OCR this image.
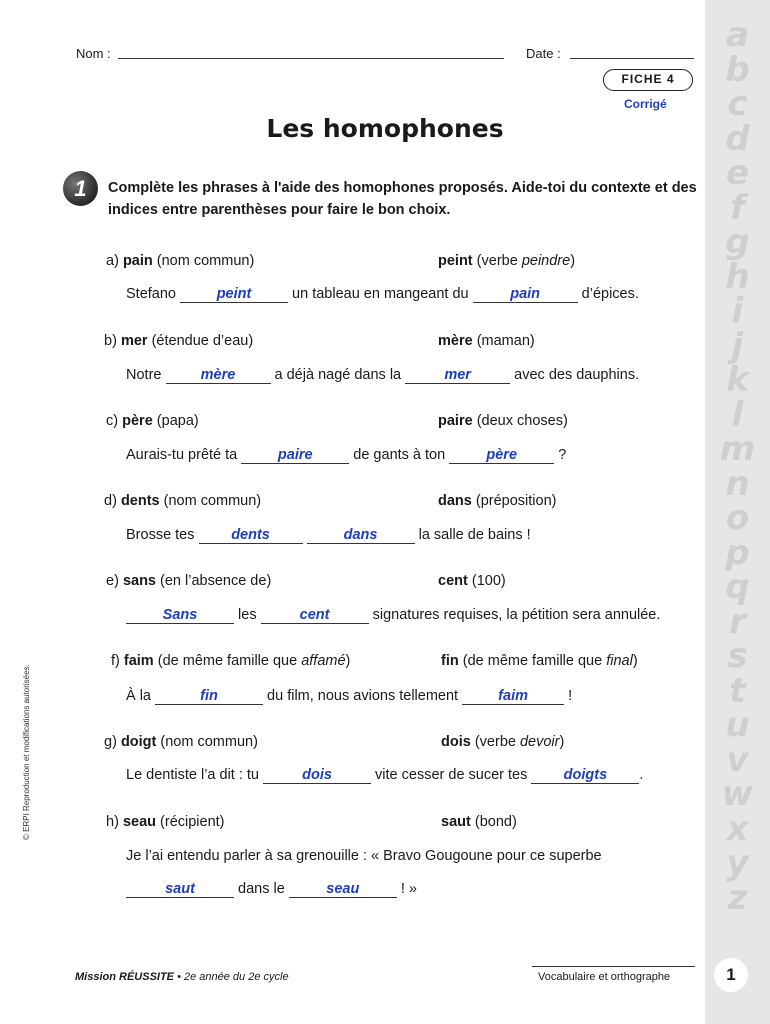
Nom :	Date :
FICHE 4
Corrigé
Les homophones
1	Complète les phrases à l'aide des homophones proposés. Aide-toi du contexte et des indices entre parenthèses pour faire le bon choix.
a) pain (nom commun)	peint (verbe peindre)
Stefano	peint	un tableau en mangeant du	pain	d’épices.
b) mer (étendue d’eau)	mère (maman)
Notre mère a déjà nagé dans la	mer	avec des dauphins.
c) père (papa)	paire (deux choses)
Aurais-tu prêté ta	paire	de gants à ton	père	?
d) dents (nom commun)	dans (préposition)
Brosse tes dents	dans	la salle de bains !
e) sans (en l’absence de)	cent (100)
Sans	les	cent	signatures requises, la pétition sera annulée.
f) faim (de même famille que affamé)	fin (de même famille que final)
À la	fin	du film, nous avions tellement faim !
g) doigt (nom commun)	dois (verbe devoir)
Le dentiste l’a dit : tu	dois	vite cesser de sucer tes doigts .
h) seau (récipient)	saut (bond)
Je l’ai entendu parler à sa grenouille : « Bravo Gougoune pour ce superbe
saut	dans le	seau	! »
© ERPI Reproduction et modifications autorisées.
Mission RÉUSSITE • 2e année du 2e cycle	Vocabulaire et orthographe
a
b
c
d
e
f
g
h
i
j
k
l
m
n
o
p
q
r
s
t
u
v
w
x
y
z
1
